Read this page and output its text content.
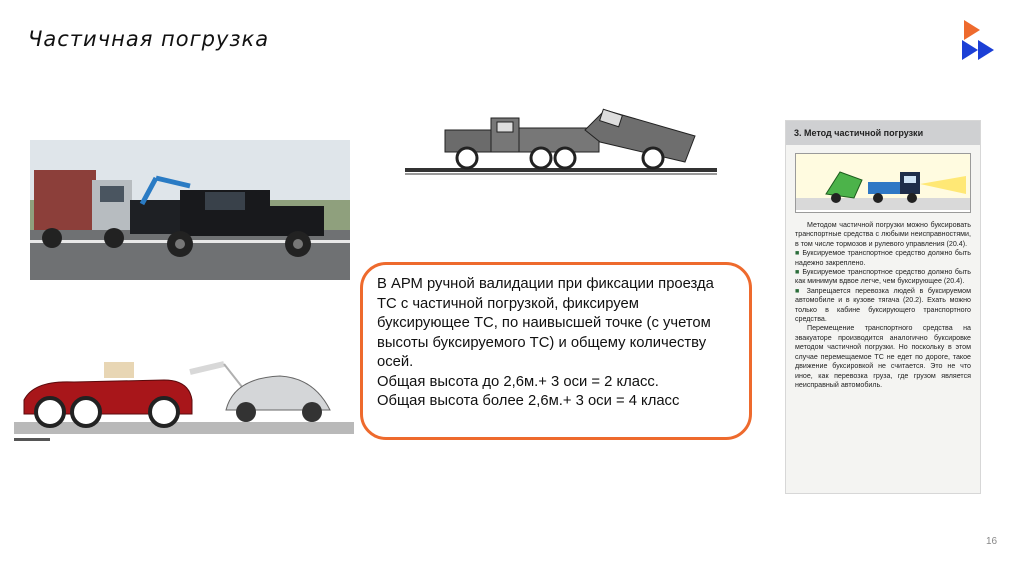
Частичная погрузка

В АРМ ручной валидации при фиксации проезда

ТС с частичной погрузкой, фиксируем

буксирующее ТС, по наивысшей точке (с учетом

высоты буксируемого ТС) и общему количеству

осей.

Общая высота до 2,6м.+ 3 оси = 2 класс.

Общая высота более 2,6м.+ 3 оси = 4 класс

3. Метод частичной погрузки
Методом частичной погрузки можно буксировать транспортные средства с любыми неисправностями, в том числе тормозов и рулевого управления (20.4).
■ Буксируемое транспортное средство должно быть надежно закреплено.
■ Буксируемое транспортное средство должно быть как минимум вдвое легче, чем буксирующее (20.4).
■ Запрещается перевозка людей в буксируемом автомобиле и в кузове тягача (20.2). Ехать можно только в кабине буксирующего транспортного средства.
Перемещение транспортного средства на эвакуаторе производится аналогично буксировке методом частичной погрузки. Но поскольку в этом случае перемещаемое ТС не едет по дороге, такое движение буксировкой не считается. Это не что иное, как перевозка груза, где грузом является неисправный автомобиль.
16
